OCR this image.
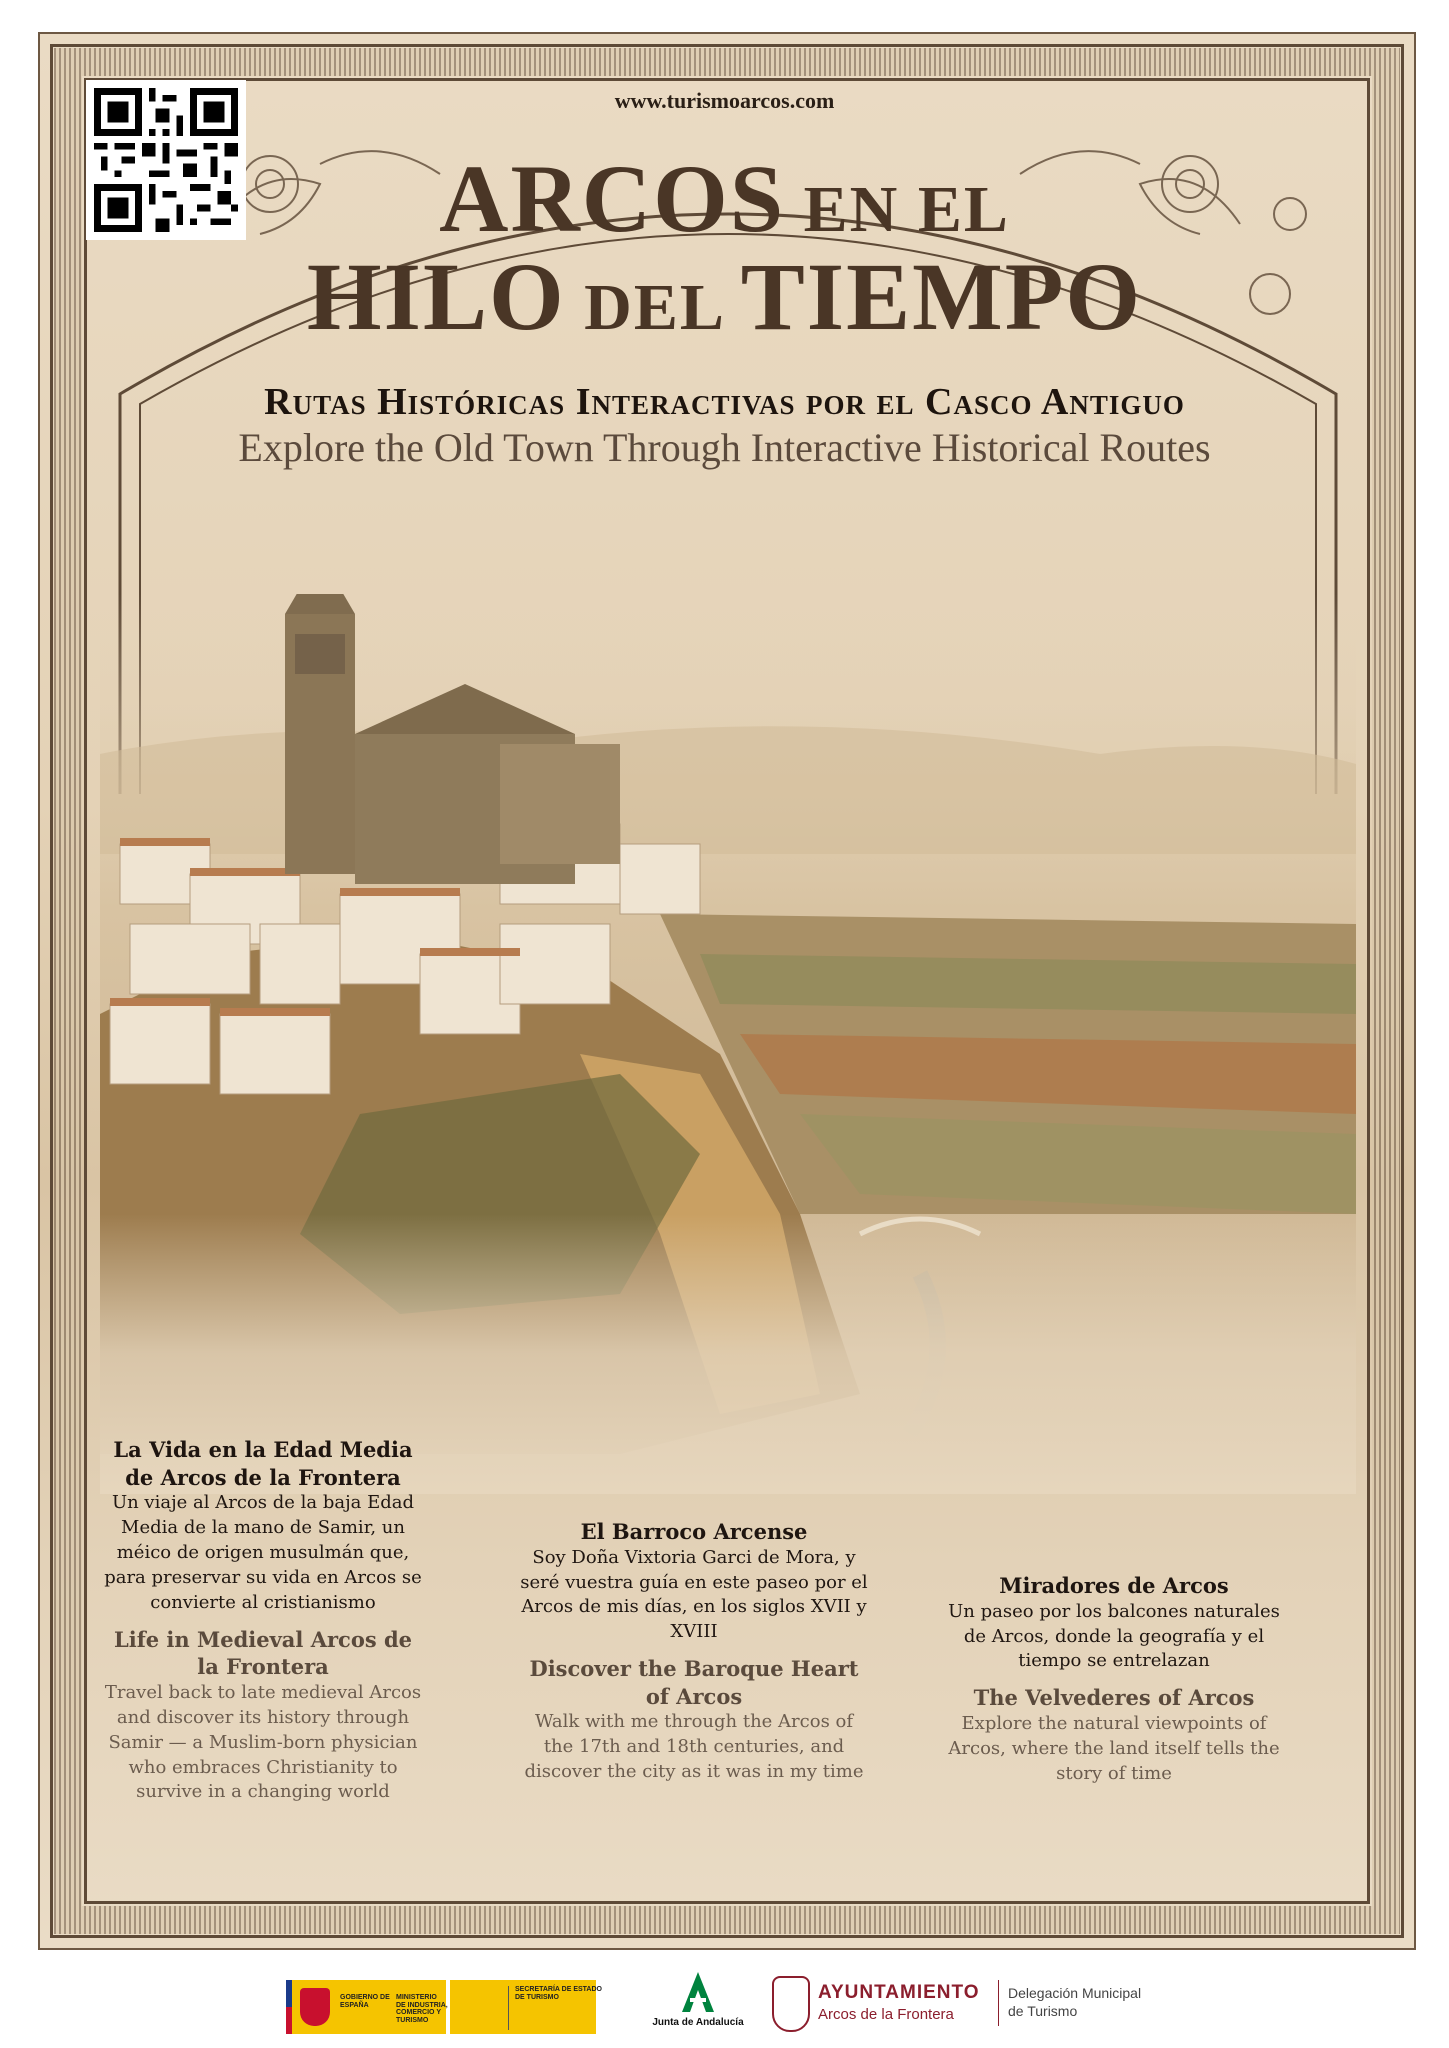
www.turismoarcos.com
ARCOS EN EL
HILO DEL TIEMPO
Rutas Históricas Interactivas por el Casco Antiguo
Explore the Old Town Through Interactive Historical Routes
La Vida en la Edad Media de Arcos de la Frontera

Un viaje al Arcos de la baja Edad Media de la mano de Samir, un méico de origen musulmán que, para preservar su vida en Arcos se convierte al cristianismo

Life in Medieval Arcos de la Frontera

Travel back to late medieval Arcos and discover its history through Samir — a Muslim-born physician who embraces Christianity to survive in a changing world

El Barroco Arcense

Soy Doña Vixtoria Garci de Mora, y seré vuestra guía en este paseo por el Arcos de mis días, en los siglos XVII y XVIII

Discover the Baroque Heart of Arcos

Walk with me through the Arcos of the 17th and 18th centuries, and discover the city as it was in my time

Miradores de Arcos

Un paseo por los balcones naturales de Arcos, donde la geografía y el tiempo se entrelazan

The Velvederes of Arcos

Explore the natural viewpoints of Arcos, where the land itself tells the story of time

GOBIERNO DE ESPAÑA
MINISTERIO DE INDUSTRIA, COMERCIO Y TURISMO
SECRETARÍA DE ESTADO DE TURISMO
Junta de Andalucía
AYUNTAMIENTO
Arcos de la Frontera
Delegación Municipal
de Turismo
